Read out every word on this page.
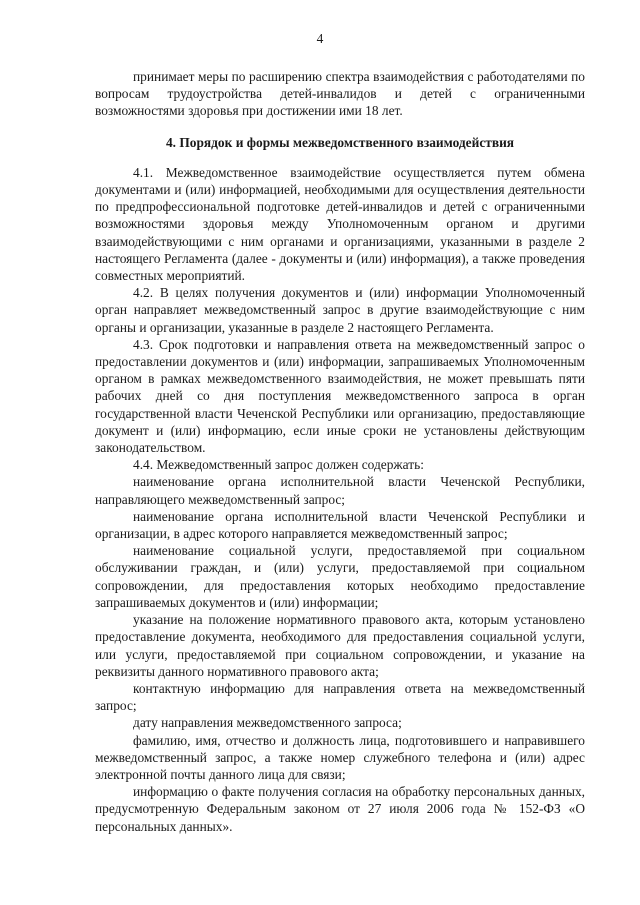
4

принимает меры по расширению спектра взаимодействия с работодателями по вопросам трудоустройства детей-инвалидов и детей с ограниченными возможностями здоровья при достижении ими 18 лет.

4. Порядок и формы межведомственного взаимодействия

4.1. Межведомственное взаимодействие осуществляется путем обмена документами и (или) информацией, необходимыми для осуществления деятельности по предпрофессиональной подготовке детей-инвалидов и детей с ограниченными возможностями здоровья между Уполномоченным органом и другими взаимодействующими с ним органами и организациями, указанными в разделе 2 настоящего Регламента (далее - документы и (или) информация), а также проведения совместных мероприятий.

4.2. В целях получения документов и (или) информации Уполномоченный орган направляет межведомственный запрос в другие взаимодействующие с ним органы и организации, указанные в разделе 2 настоящего Регламента.

4.3. Срок подготовки и направления ответа на межведомственный запрос о предоставлении документов и (или) информации, запрашиваемых Уполномоченным органом в рамках межведомственного взаимодействия, не может превышать пяти рабочих дней со дня поступления межведомственного запроса в орган государственной власти Чеченской Республики или организацию, предоставляющие документ и (или) информацию, если иные сроки не установлены действующим законодательством.

4.4. Межведомственный запрос должен содержать:

наименование органа исполнительной власти Чеченской Республики, направляющего межведомственный запрос;

наименование органа исполнительной власти Чеченской Республики и организации, в адрес которого направляется межведомственный запрос;

наименование социальной услуги, предоставляемой при социальном обслуживании граждан, и (или) услуги, предоставляемой при социальном сопровождении, для предоставления которых необходимо предоставление запрашиваемых документов и (или) информации;

указание на положение нормативного правового акта, которым установлено предоставление документа, необходимого для предоставления социальной услуги, или услуги, предоставляемой при социальном сопровождении, и указание на реквизиты данного нормативного правового акта;

контактную информацию для направления ответа на межведомственный запрос;

дату направления межведомственного запроса;

фамилию, имя, отчество и должность лица, подготовившего и направившего межведомственный запрос, а также номер служебного телефона и (или) адрес электронной почты данного лица для связи;

информацию о факте получения согласия на обработку персональных данных, предусмотренную Федеральным законом от 27 июля 2006 года № 152-ФЗ «О персональных данных».
